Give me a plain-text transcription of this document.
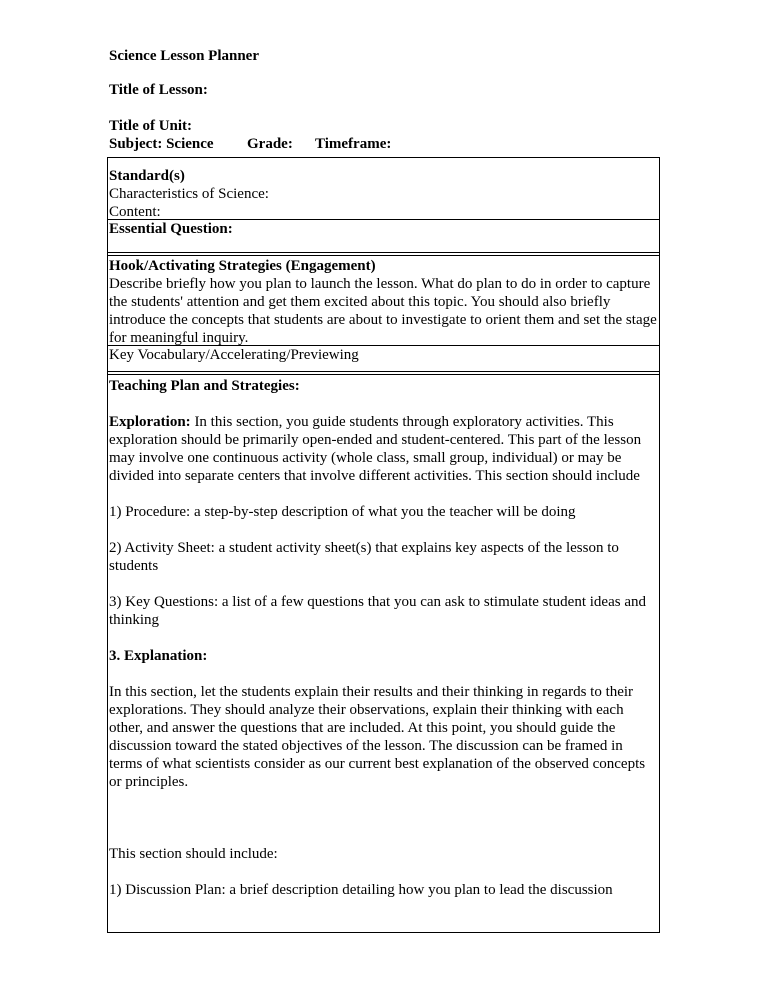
Science Lesson Planner
Title of Lesson:
Title of Unit:
Subject: Science Grade: Timeframe:

Standard(s)

Characteristics of Science:

Content:

Essential Question:

Hook/Activating Strategies (Engagement)

Describe briefly how you plan to launch the lesson. What do plan to do in order to capture the students' attention and get them excited about this topic. You should also briefly introduce the concepts that students are about to investigate to orient them and set the stage for meaningful inquiry.

Key Vocabulary/Accelerating/Previewing

Teaching Plan and Strategies:

Exploration: In this section, you guide students through exploratory activities. This exploration should be primarily open-ended and student-centered. This part of the lesson may involve one continuous activity (whole class, small group, individual) or may be divided into separate centers that involve different activities. This section should include

1) Procedure: a step-by-step description of what you the teacher will be doing

2) Activity Sheet: a student activity sheet(s) that explains key aspects of the lesson to students

3) Key Questions: a list of a few questions that you can ask to stimulate student ideas and thinking

3. Explanation:

In this section, let the students explain their results and their thinking in regards to their explorations. They should analyze their observations, explain their thinking with each other, and answer the questions that are included. At this point, you should guide the discussion toward the stated objectives of the lesson. The discussion can be framed in terms of what scientists consider as our current best explanation of the observed concepts or principles.

This section should include:

1) Discussion Plan: a brief description detailing how you plan to lead the discussion
